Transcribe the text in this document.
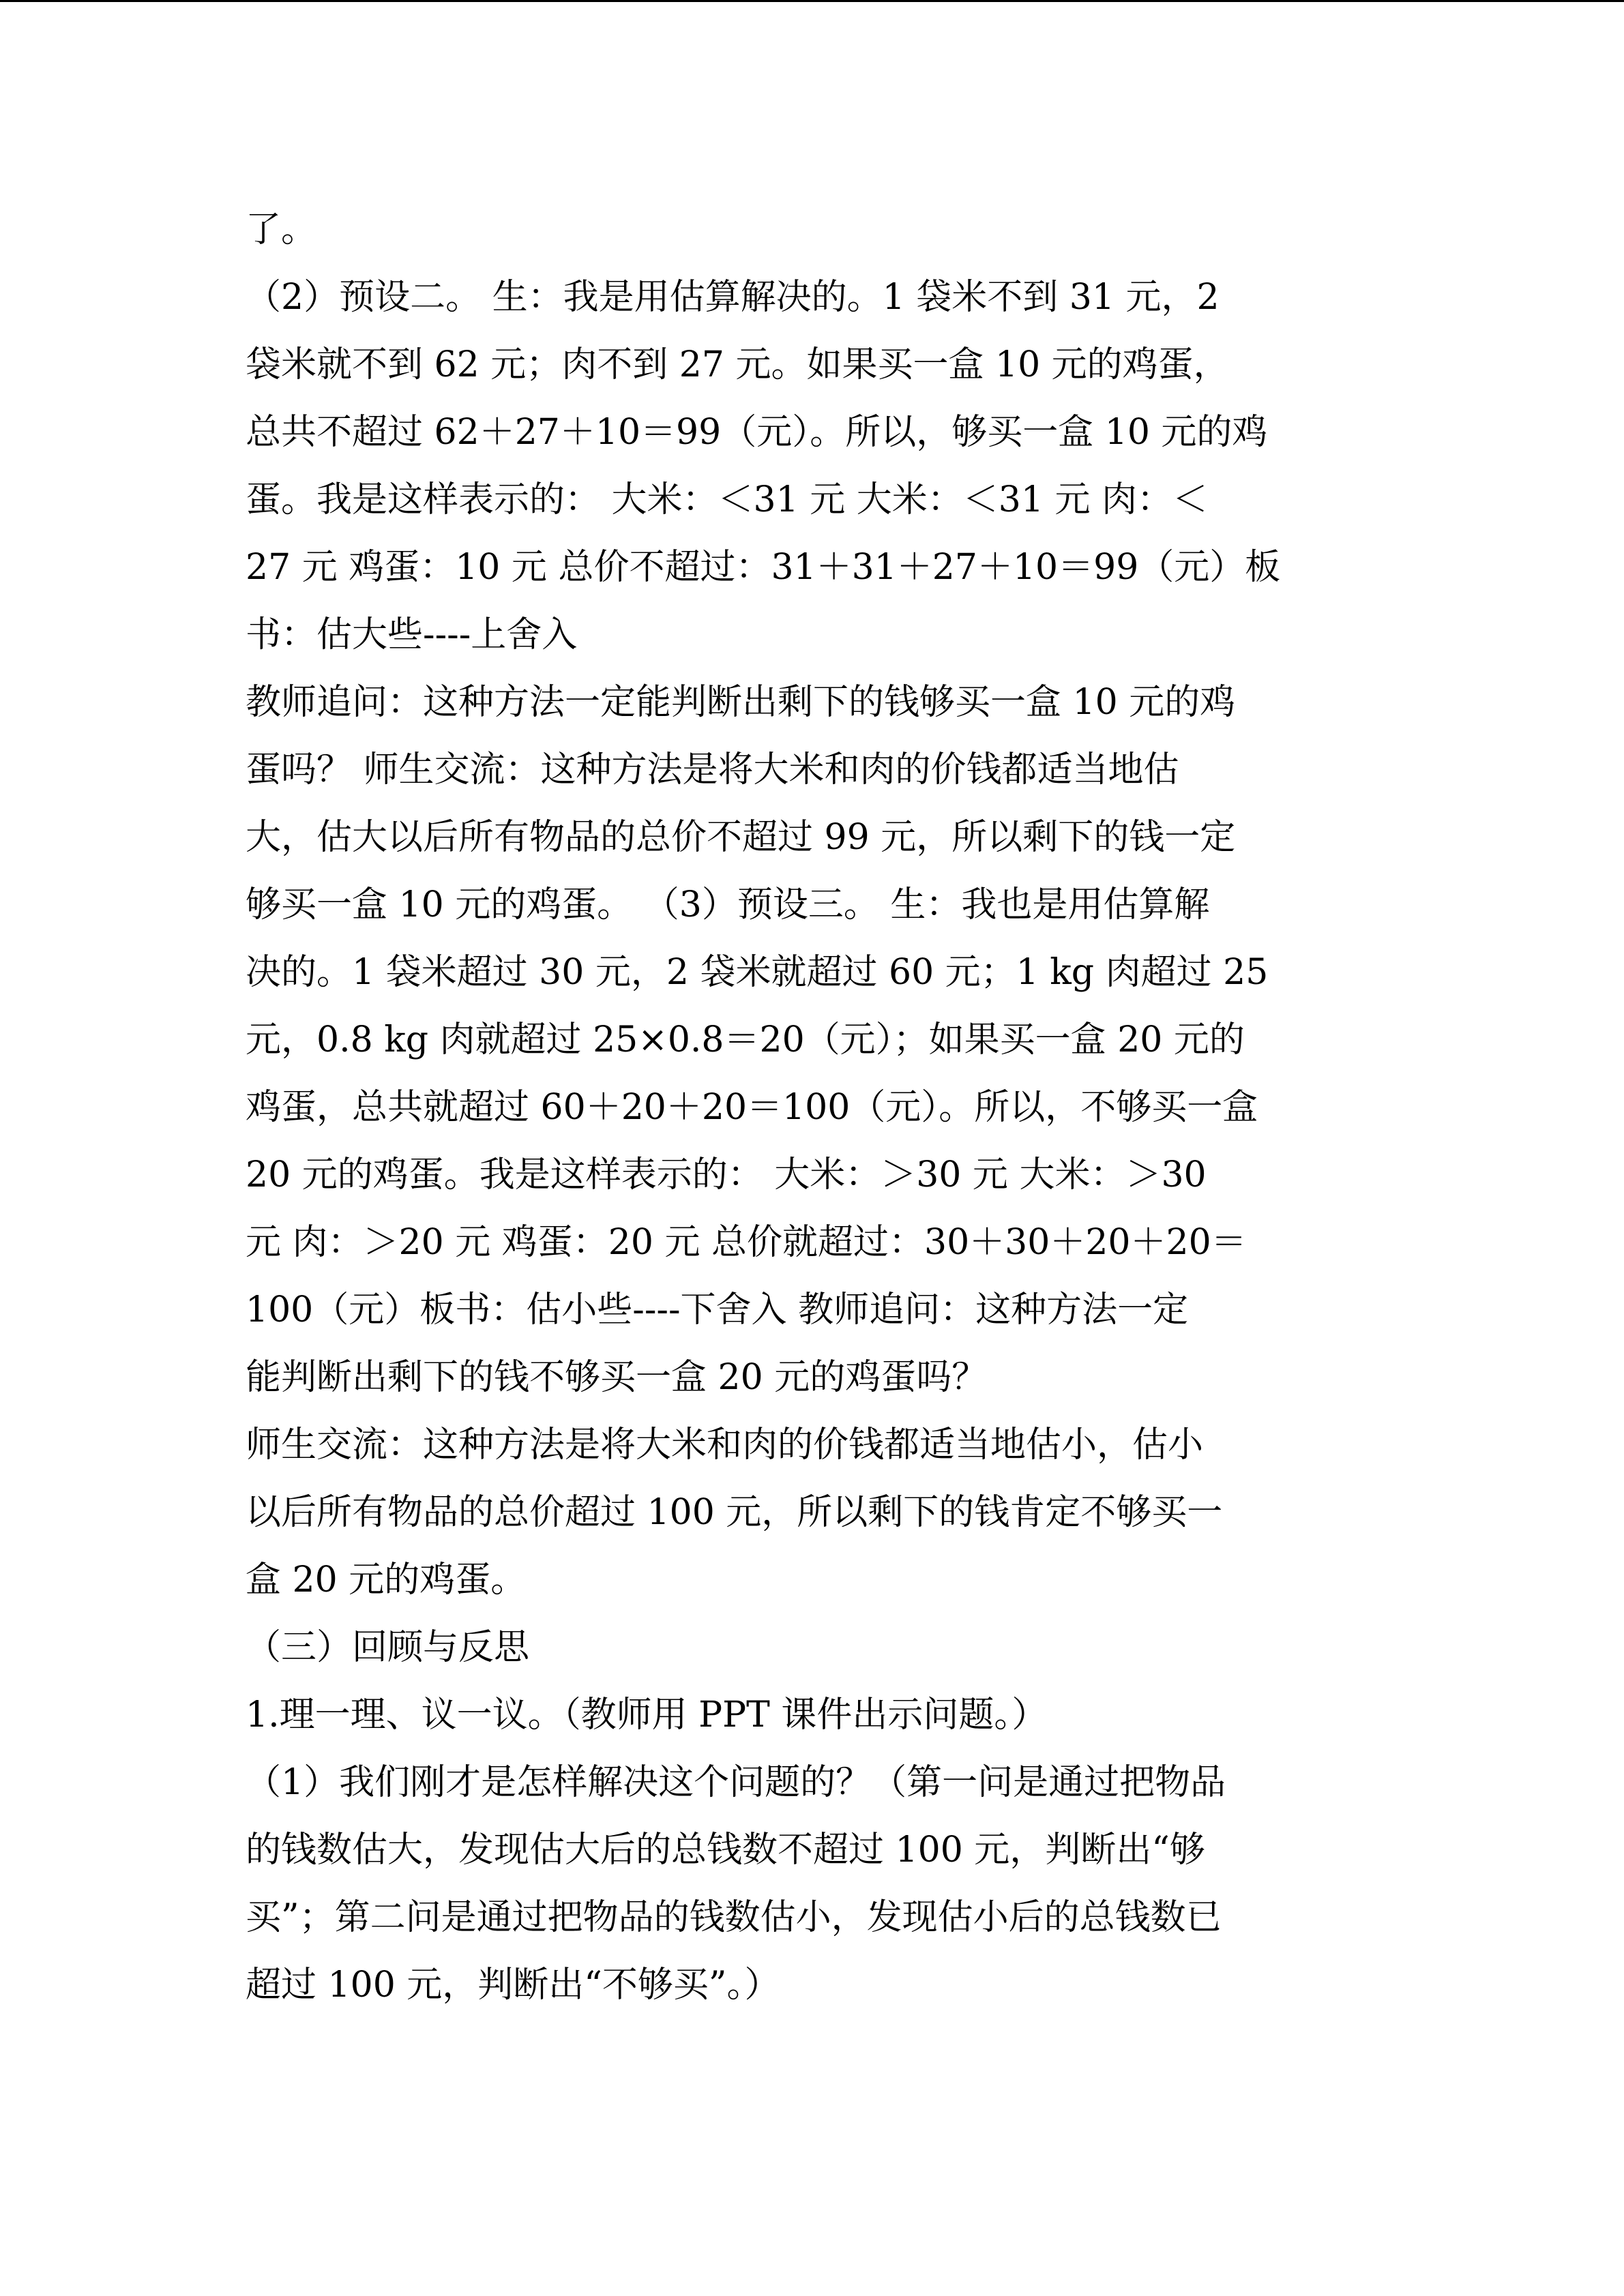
了。
（2）预设二。 生：我是用估算解决的。1 袋米不到 31 元，2
袋米就不到 62 元；肉不到 27 元。如果买一盒 10 元的鸡蛋，
总共不超过 62＋27＋10＝99（元）。所以，够买一盒 10 元的鸡
蛋。我是这样表示的： 大米：＜31 元 大米：＜31 元 肉：＜
27 元 鸡蛋：10 元 总价不超过：31＋31＋27＋10＝99（元）板
书：估大些----上舍入
教师追问：这种方法一定能判断出剩下的钱够买一盒 10 元的鸡
蛋吗？ 师生交流：这种方法是将大米和肉的价钱都适当地估
大，估大以后所有物品的总价不超过 99 元，所以剩下的钱一定
够买一盒 10 元的鸡蛋。 （3）预设三。 生：我也是用估算解
决的。1 袋米超过 30 元，2 袋米就超过 60 元；1 kg 肉超过 25
元，0.8 kg 肉就超过 25×0.8＝20（元）；如果买一盒 20 元的
鸡蛋，总共就超过 60＋20＋20＝100（元）。所以，不够买一盒
20 元的鸡蛋。我是这样表示的： 大米：＞30 元 大米：＞30
元 肉：＞20 元 鸡蛋：20 元 总价就超过：30＋30＋20＋20＝
100（元）板书：估小些----下舍入 教师追问：这种方法一定
能判断出剩下的钱不够买一盒 20 元的鸡蛋吗？
师生交流：这种方法是将大米和肉的价钱都适当地估小，估小
以后所有物品的总价超过 100 元，所以剩下的钱肯定不够买一
盒 20 元的鸡蛋。
（三）回顾与反思
1.理一理、议一议。（教师用 PPT 课件出示问题。）
（1）我们刚才是怎样解决这个问题的？（第一问是通过把物品
的钱数估大，发现估大后的总钱数不超过 100 元，判断出“够
买”；第二问是通过把物品的钱数估小，发现估小后的总钱数已
超过 100 元，判断出“不够买”。）
